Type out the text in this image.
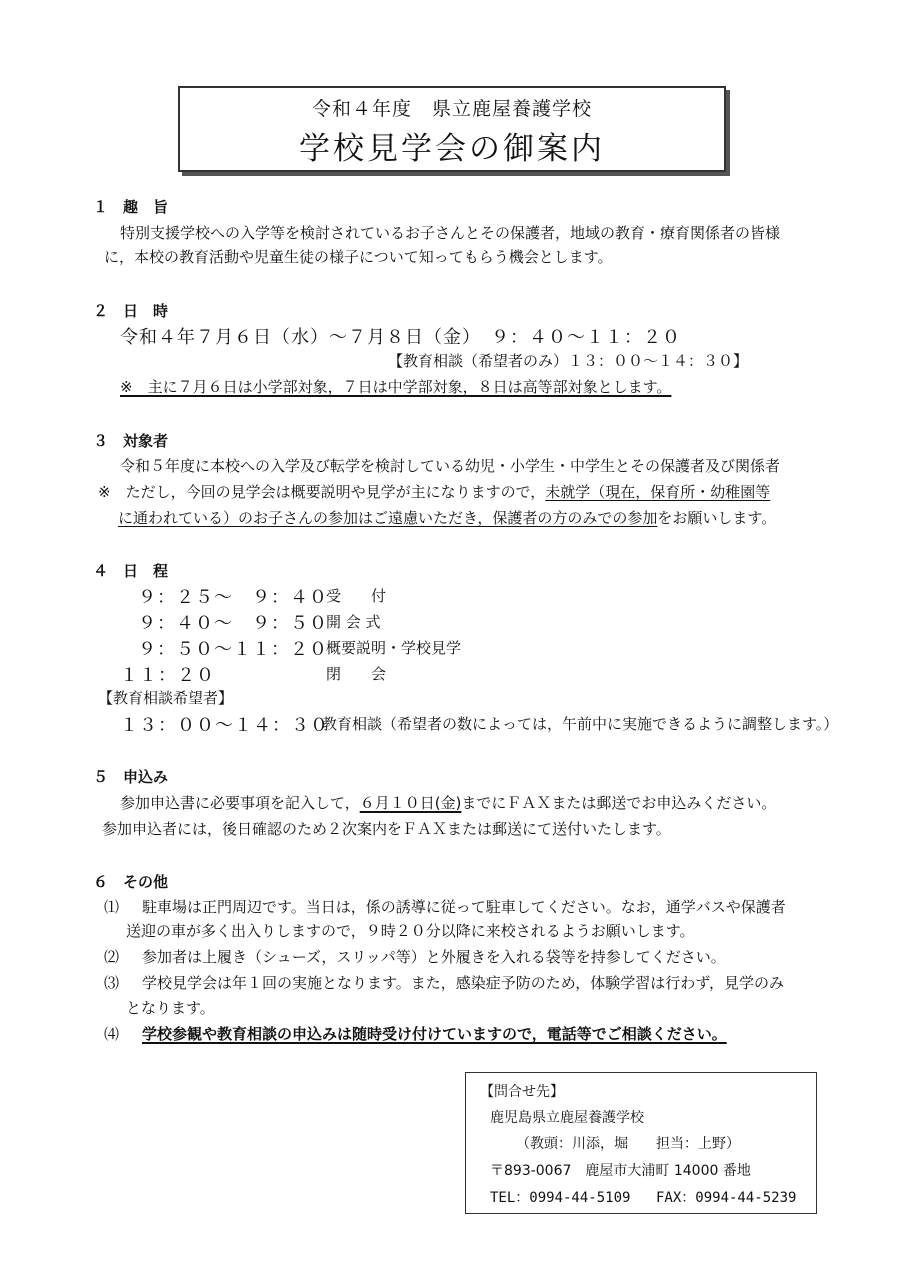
令和４年度　県立鹿屋養護学校
学校見学会の御案内
１　趣　旨
特別支援学校への入学等を検討されているお子さんとその保護者，地域の教育・療育関係者の皆様
に，本校の教育活動や児童生徒の様子について知ってもらう機会とします。
２　日　時
令和４年７月６日（水）～７月８日（金）　９：４０～１１：２０
【教育相談（希望者のみ）１３：００～１４：３０】
※　主に７月６日は小学部対象，７日は中学部対象，８日は高等部対象とします。
３　対象者
令和５年度に本校への入学及び転学を検討している幼児・小学生・中学生とその保護者及び関係者
※　ただし，今回の見学会は概要説明や見学が主になりますので，未就学（現在，保育所・幼稚園等
に通われている）のお子さんの参加はご遠慮いただき，保護者の方のみでの参加をお願いします。
４　日　程
９：２５～　９：４０
受　　付
９：４０～　９：５０
開 会 式
９：５０～１１：２０
概要説明・学校見学
１１：２０	閉　　会
【教育相談希望者】
１３：００～１４：３０
教育相談（希望者の数によっては，午前中に実施できるように調整します。）
５　申込み
参加申込書に必要事項を記入して，６月１０日(金)までにＦＡＸまたは郵送でお申込みください。
参加申込者には，後日確認のため２次案内をＦＡＸまたは郵送にて送付いたします。
６　その他
⑴ 駐車場は正門周辺です。当日は，係の誘導に従って駐車してください。なお，通学バスや保護者
送迎の車が多く出入りしますので，９時２０分以降に来校されるようお願いします。
⑵ 参加者は上履き（シューズ，スリッパ等）と外履きを入れる袋等を持参してください。
⑶ 学校見学会は年１回の実施となります。また，感染症予防のため，体験学習は行わず，見学のみ
となります。
⑷ 学校参観や教育相談の申込みは随時受け付けていますので，電話等でご相談ください。
【問合せ先】
鹿児島県立鹿屋養護学校
（教頭：川添，堀　　担当：上野）
〒893-0067　鹿屋市大浦町 14000 番地
TEL：0994-44-5109 FAX：0994-44-5239
